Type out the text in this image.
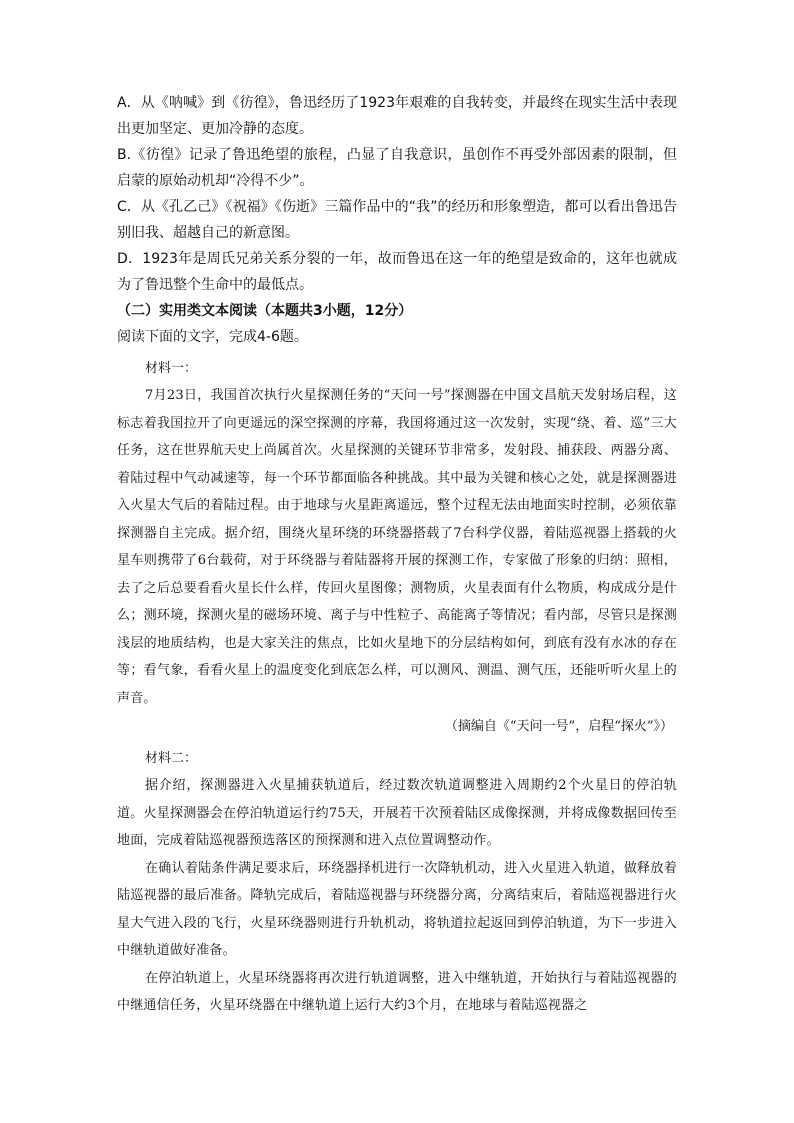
A．从《呐喊》到《彷徨》，鲁迅经历了1923年艰难的自我转变，并最终在现实生活中表现出更加坚定、更加冷静的态度。

B.《彷徨》记录了鲁迅绝望的旅程，凸显了自我意识，虽创作不再受外部因素的限制，但启蒙的原始动机却“冷得不少”。

C．从《孔乙己》《祝福》《伤逝》三篇作品中的“我”的经历和形象塑造，都可以看出鲁迅告别旧我、超越自己的新意图。

D．1923年是周氏兄弟关系分裂的一年，故而鲁迅在这一年的绝望是致命的，这年也就成为了鲁迅整个生命中的最低点。

（二）实用类文本阅读（本题共3小题，12分）

阅读下面的文字，完成4-6题。

材料一：

7月23日，我国首次执行火星探测任务的“天问一号”探测器在中国文昌航天发射场启程，这标志着我国拉开了向更遥远的深空探测的序幕，我国将通过这一次发射，实现“绕、着、巡”三大任务，这在世界航天史上尚属首次。火星探测的关键环节非常多，发射段、捕获段、两器分离、着陆过程中气动减速等，每一个环节都面临各种挑战。其中最为关键和核心之处，就是探测器进入火星大气后的着陆过程。由于地球与火星距离遥远，整个过程无法由地面实时控制，必须依靠探测器自主完成。据介绍，围绕火星环绕的环绕器搭载了7台科学仪器，着陆巡视器上搭载的火星车则携带了6台载荷，对于环绕器与着陆器将开展的探测工作，专家做了形象的归纳：照相，去了之后总要看看火星长什么样，传回火星图像；测物质，火星表面有什么物质，构成成分是什么；测环境，探测火星的磁场环境、离子与中性粒子、高能离子等情况；看内部，尽管只是探测浅层的地质结构，也是大家关注的焦点，比如火星地下的分层结构如何，到底有没有水冰的存在等；看气象，看看火星上的温度变化到底怎么样，可以测风、测温、测气压，还能听听火星上的声音。

（摘编自《“天问一号”，启程“探火”》）

材料二：

据介绍，探测器进入火星捕获轨道后，经过数次轨道调整进入周期约2个火星日的停泊轨道。火星探测器会在停泊轨道运行约75天，开展若干次预着陆区成像探测，并将成像数据回传至地面，完成着陆巡视器预选落区的预探测和进入点位置调整动作。

在确认着陆条件满足要求后，环绕器择机进行一次降轨机动，进入火星进入轨道，做释放着陆巡视器的最后准备。降轨完成后，着陆巡视器与环绕器分离，分离结束后，着陆巡视器进行火星大气进入段的飞行，火星环绕器则进行升轨机动，将轨道拉起返回到停泊轨道，为下一步进入中继轨道做好准备。

在停泊轨道上，火星环绕器将再次进行轨道调整，进入中继轨道，开始执行与着陆巡视器的中继通信任务，火星环绕器在中继轨道上运行大约3个月，在地球与着陆巡视器之
